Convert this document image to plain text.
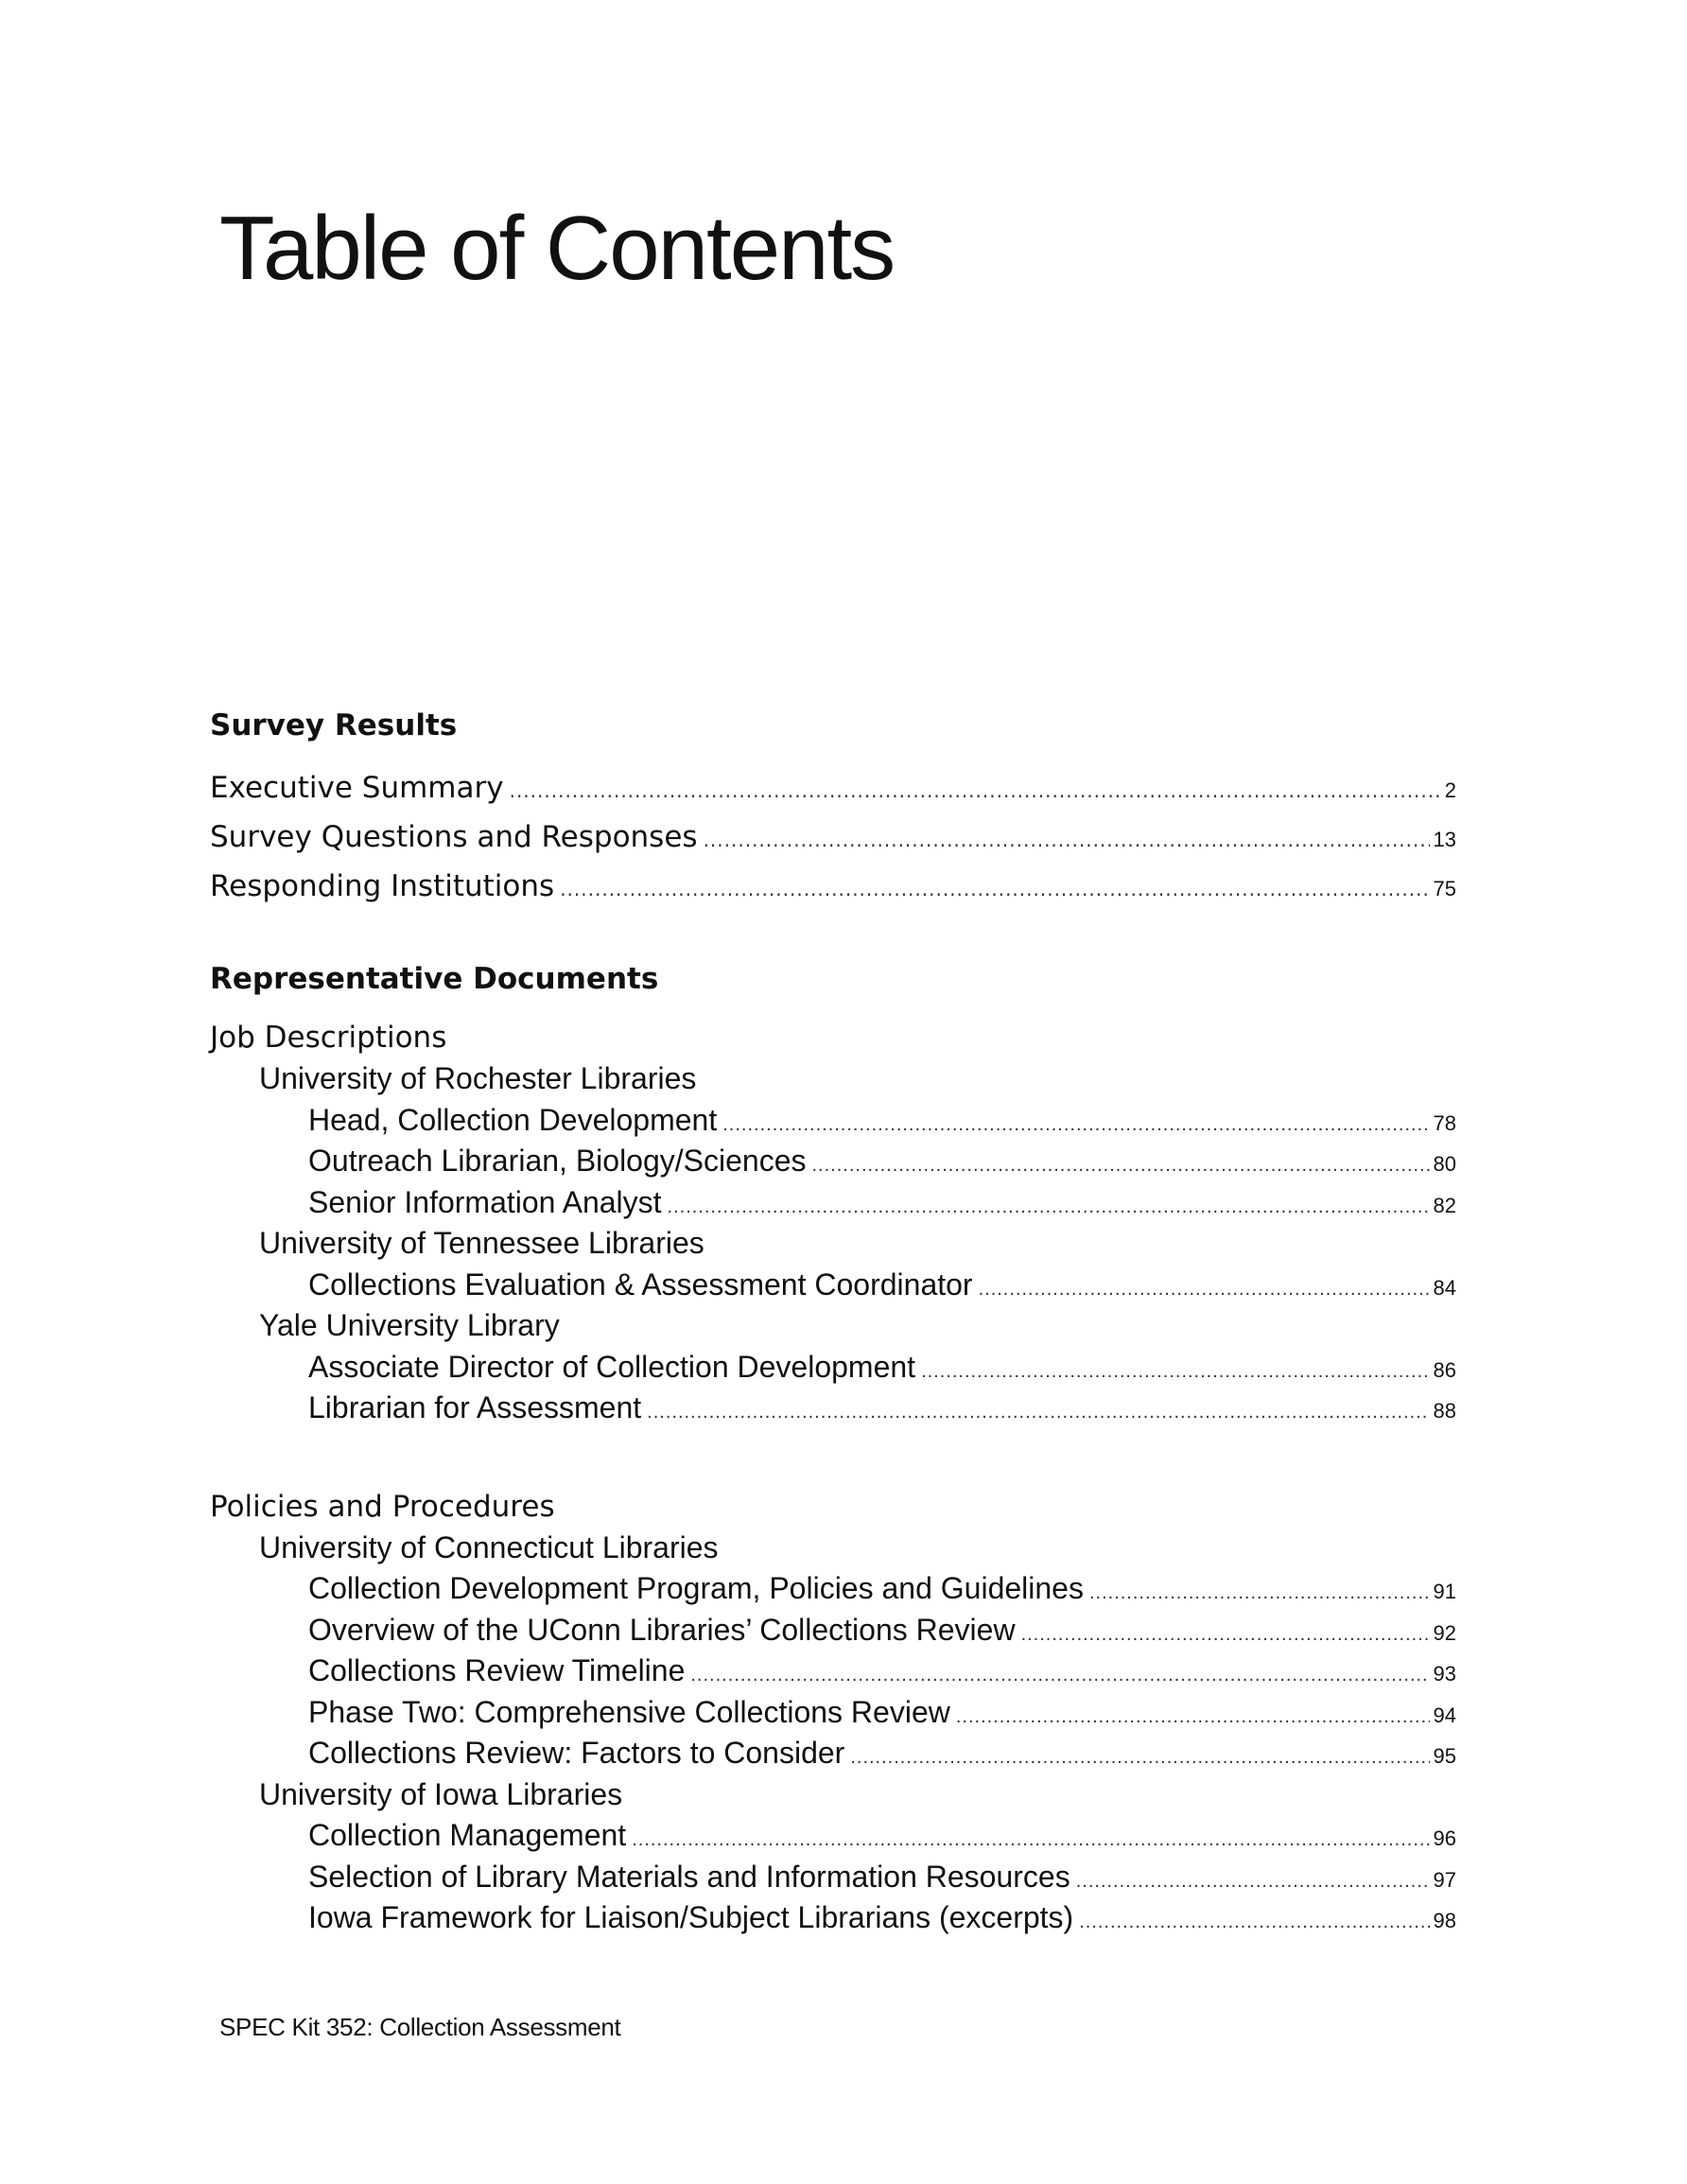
Table of Contents
Survey Results
Executive Summary .....	2
Survey Questions and Responses .....	13
Responding Institutions .....	75
Representative Documents
Job Descriptions
University of Rochester Libraries
Head, Collection Development .....	78
Outreach Librarian, Biology/Sciences .....	80
Senior Information Analyst .....	82
University of Tennessee Libraries
Collections Evaluation & Assessment Coordinator .....	84
Yale University Library
Associate Director of Collection Development .....	86
Librarian for Assessment .....	88
Policies and Procedures
University of Connecticut Libraries
Collection Development Program, Policies and Guidelines .....	91
Overview of the UConn Libraries’ Collections Review .....	92
Collections Review Timeline .....	93
Phase Two: Comprehensive Collections Review .....	94
Collections Review: Factors to Consider .....	95
University of Iowa Libraries
Collection Management .....	96
Selection of Library Materials and Information Resources .....	97
Iowa Framework for Liaison/Subject Librarians (excerpts) .....	98
SPEC Kit 352: Collection Assessment
